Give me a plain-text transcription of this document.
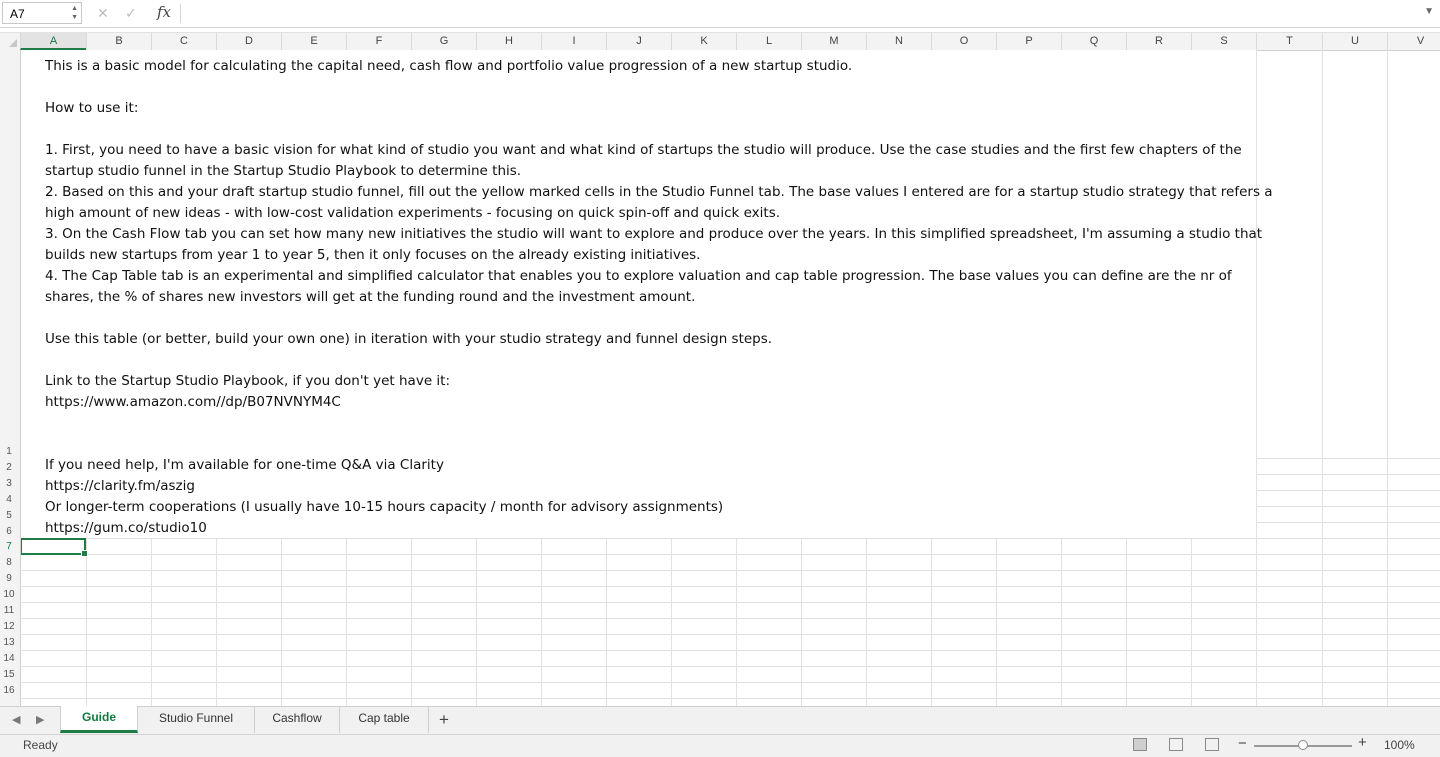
A7	▲
▼ ✕ ✓ fx	▼
A	B	C	D	E	F	G	H	I	J	K	L	M	N	O	P	Q	R	S	T	U	V
1
2
3
4
5
6
7
8
9
10
11
12
13
14
15
16

This is a basic model for calculating the capital need, cash flow and portfolio value progression of a new startup studio.

How to use it:

1. First, you need to have a basic vision for what kind of studio you want and what kind of startups the studio will produce. Use the case studies and the first few chapters of the startup studio funnel in the Startup Studio Playbook to determine this.

2. Based on this and your draft startup studio funnel, fill out the yellow marked cells in the Studio Funnel tab. The base values I entered are for a startup studio strategy that refers a high amount of new ideas - with low-cost validation experiments - focusing on quick spin-off and quick exits.

3. On the Cash Flow tab you can set how many new initiatives the studio will want to explore and produce over the years. In this simplified spreadsheet, I'm assuming a studio that builds new startups from year 1 to year 5, then it only focuses on the already existing initiatives.

4. The Cap Table tab is an experimental and simplified calculator that enables you to explore valuation and cap table progression. The base values you can define are the nr of shares, the % of shares new investors will get at the funding round and the investment amount.

Use this table (or better, build your own one) in iteration with your studio strategy and funnel design steps.

Link to the Startup Studio Playbook, if you don't yet have it:

https://www.amazon.com//dp/B07NVNYM4C

If you need help, I'm available for one-time Q&A via Clarity

https://clarity.fm/aszig

Or longer-term cooperations (I usually have 10-15 hours capacity / month for advisory assignments)

https://gum.co/studio10

◀ ▶	Guide	Studio Funnel	Cashflow	Cap table	+
Ready	−	+ 100%
